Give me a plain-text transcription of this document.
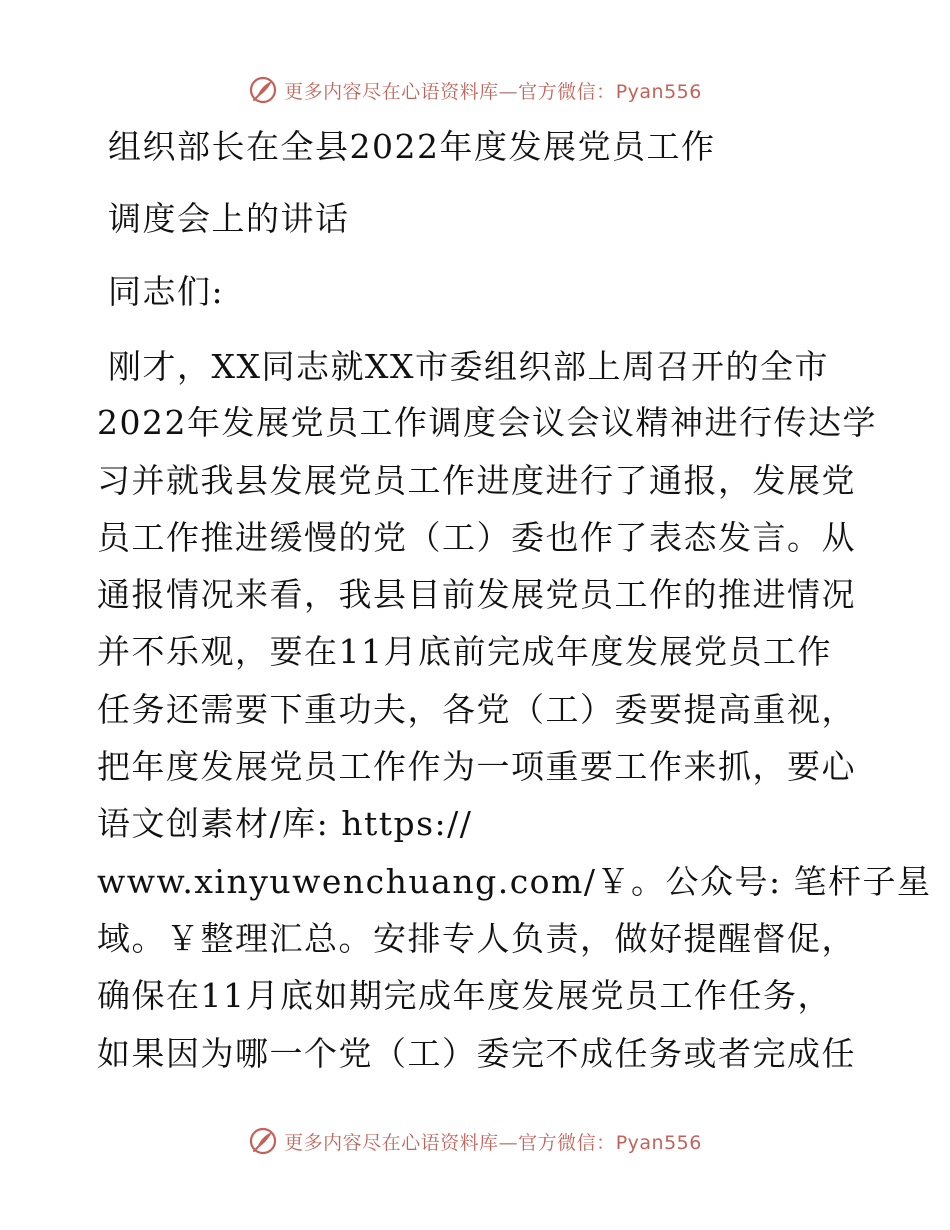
更多内容尽在心语资料库—官方微信：Pyan556
组织部长在全县2022年度发展党员工作
调度会上的讲话
同志们:
刚才，XX同志就XX市委组织部上周召开的全市
2022年发展党员工作调度会议会议精神进行传达学
习并就我县发展党员工作进度进行了通报，发展党
员工作推进缓慢的党（工）委也作了表态发言。从
通报情况来看，我县目前发展党员工作的推进情况
并不乐观，要在11月底前完成年度发展党员工作
任务还需要下重功夫，各党（工）委要提高重视，
把年度发展党员工作作为一项重要工作来抓，要心
语文创素材/库: https://
www.xinyuwenchuang.com/￥。公众号: 笔杆子星
域。￥整理汇总。安排专人负责，做好提醒督促，
确保在11月底如期完成年度发展党员工作任务，
如果因为哪一个党（工）委完不成任务或者完成任
更多内容尽在心语资料库—官方微信：Pyan556
